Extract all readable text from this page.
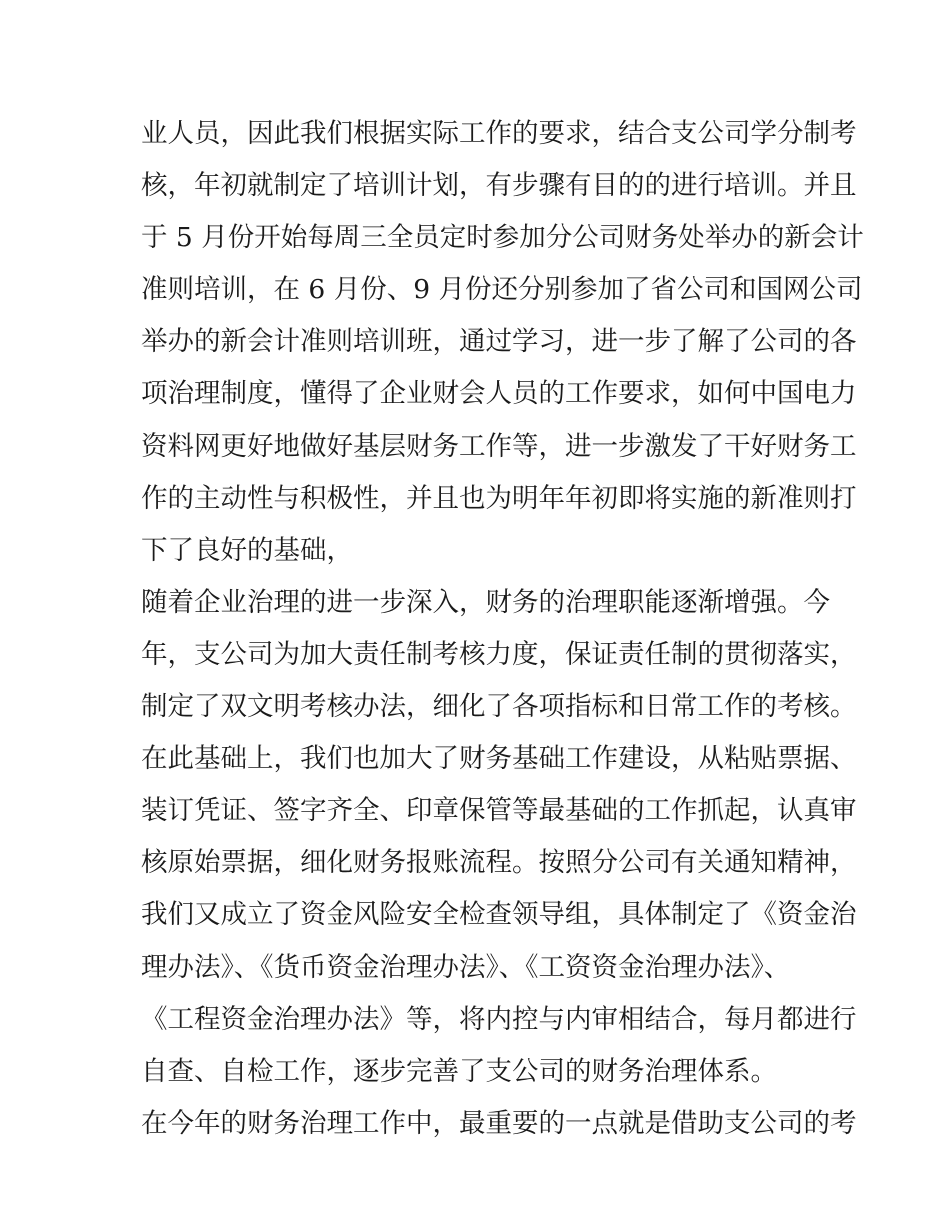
业人员，因此我们根据实际工作的要求，结合支公司学分制考
核，年初就制定了培训计划，有步骤有目的的进行培训。并且
于 5 月份开始每周三全员定时参加分公司财务处举办的新会计
准则培训，在 6 月份、9 月份还分别参加了省公司和国网公司
举办的新会计准则培训班，通过学习，进一步了解了公司的各
项治理制度，懂得了企业财会人员的工作要求，如何中国电力
资料网更好地做好基层财务工作等，进一步激发了干好财务工
作的主动性与积极性，并且也为明年年初即将实施的新准则打
下了良好的基础，
随着企业治理的进一步深入，财务的治理职能逐渐增强。今
年，支公司为加大责任制考核力度，保证责任制的贯彻落实，
制定了双文明考核办法，细化了各项指标和日常工作的考核。
在此基础上，我们也加大了财务基础工作建设，从粘贴票据、
装订凭证、签字齐全、印章保管等最基础的工作抓起，认真审
核原始票据，细化财务报账流程。按照分公司有关通知精神，
我们又成立了资金风险安全检查领导组，具体制定了《资金治
理办法》、《货币资金治理办法》、《工资资金治理办法》、
《工程资金治理办法》等，将内控与内审相结合，每月都进行
自查、自检工作，逐步完善了支公司的财务治理体系。
在今年的财务治理工作中，最重要的一点就是借助支公司的考
